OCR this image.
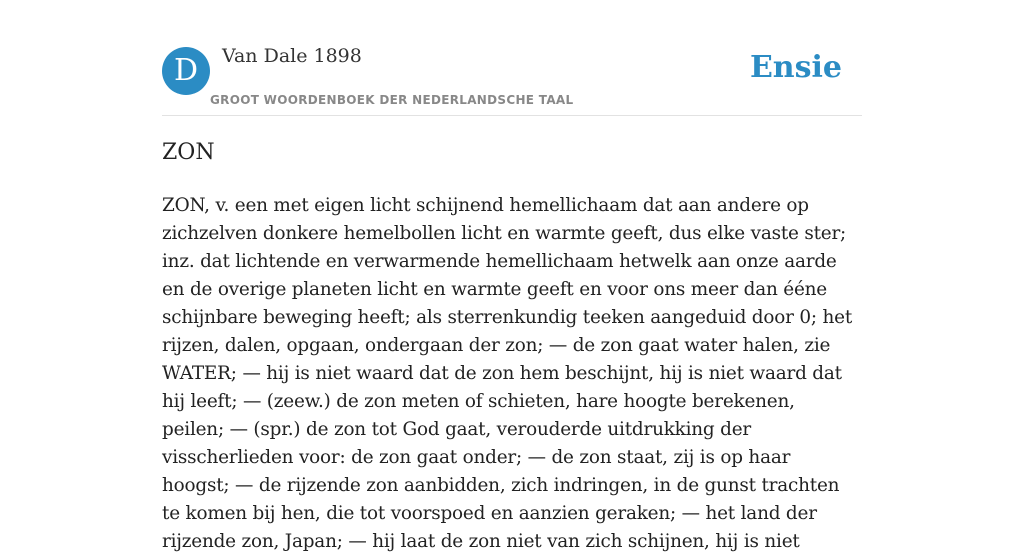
D	Van Dale 1898
GROOT WOORDENBOEK DER NEDERLANDSCHE TAAL
Ensie
ZON

ZON, v. een met eigen licht schijnend hemellichaam dat aan andere op zichzelven donkere hemelbollen licht en warmte geeft, dus elke vaste ster; inz. dat lichtende en verwarmende hemellichaam hetwelk aan onze aarde en de overige planeten licht en warmte geeft en voor ons meer dan ééne schijnbare beweging heeft; als sterrenkundig teeken aangeduid door 0; het rijzen, dalen, opgaan, ondergaan der zon; — de zon gaat water halen, zie WATER; — hij is niet waard dat de zon hem beschijnt, hij is niet waard dat hij leeft; — (zeew.) de zon meten of schieten, hare hoogte berekenen, peilen; — (spr.) de zon tot God gaat, verouderde uitdrukking der visscherlieden voor: de zon gaat onder; — de zon staat, zij is op haar hoogst; — de rijzende zon aanbidden, zich indringen, in de gunst trachten te komen bij hen, die tot voorspoed en aanzien geraken; — het land der rijzende zon, Japan; — hij laat de zon niet van zich schijnen, hij is niet
